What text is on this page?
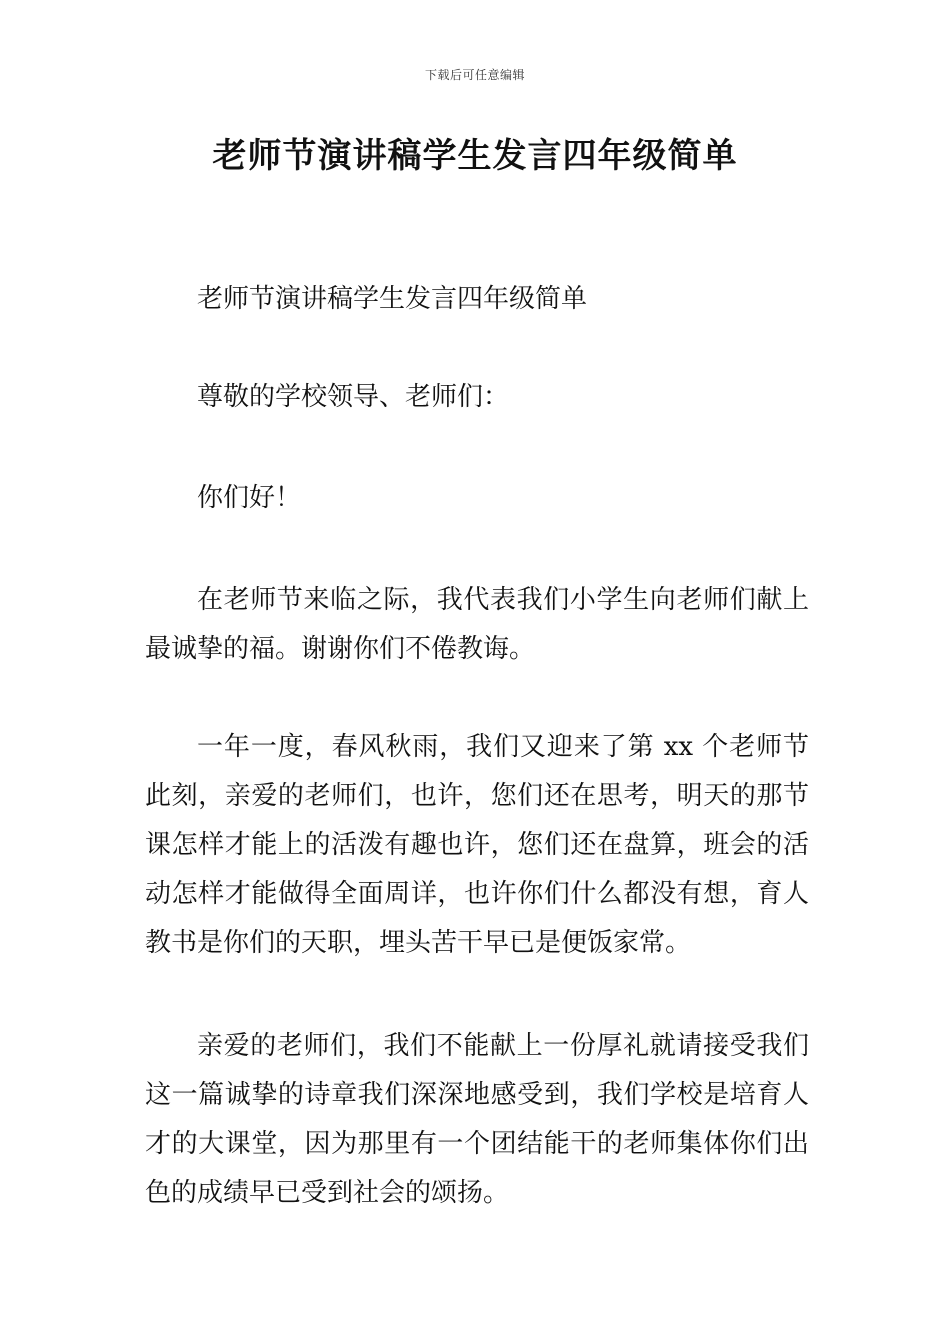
下载后可任意编辑
老师节演讲稿学生发言四年级简单

老师节演讲稿学生发言四年级简单

尊敬的学校领导、老师们：

你们好！

在老师节来临之际，我代表我们小学生向老师们献上最诚挚的福。谢谢你们不倦教诲。

一年一度，春风秋雨，我们又迎来了第 xx 个老师节此刻，亲爱的老师们，也许，您们还在思考，明天的那节课怎样才能上的活泼有趣也许，您们还在盘算，班会的活动怎样才能做得全面周详，也许你们什么都没有想，育人教书是你们的天职，埋头苦干早已是便饭家常。

亲爱的老师们，我们不能献上一份厚礼就请接受我们这一篇诚挚的诗章我们深深地感受到，我们学校是培育人才的大课堂，因为那里有一个团结能干的老师集体你们出色的成绩早已受到社会的颂扬。
